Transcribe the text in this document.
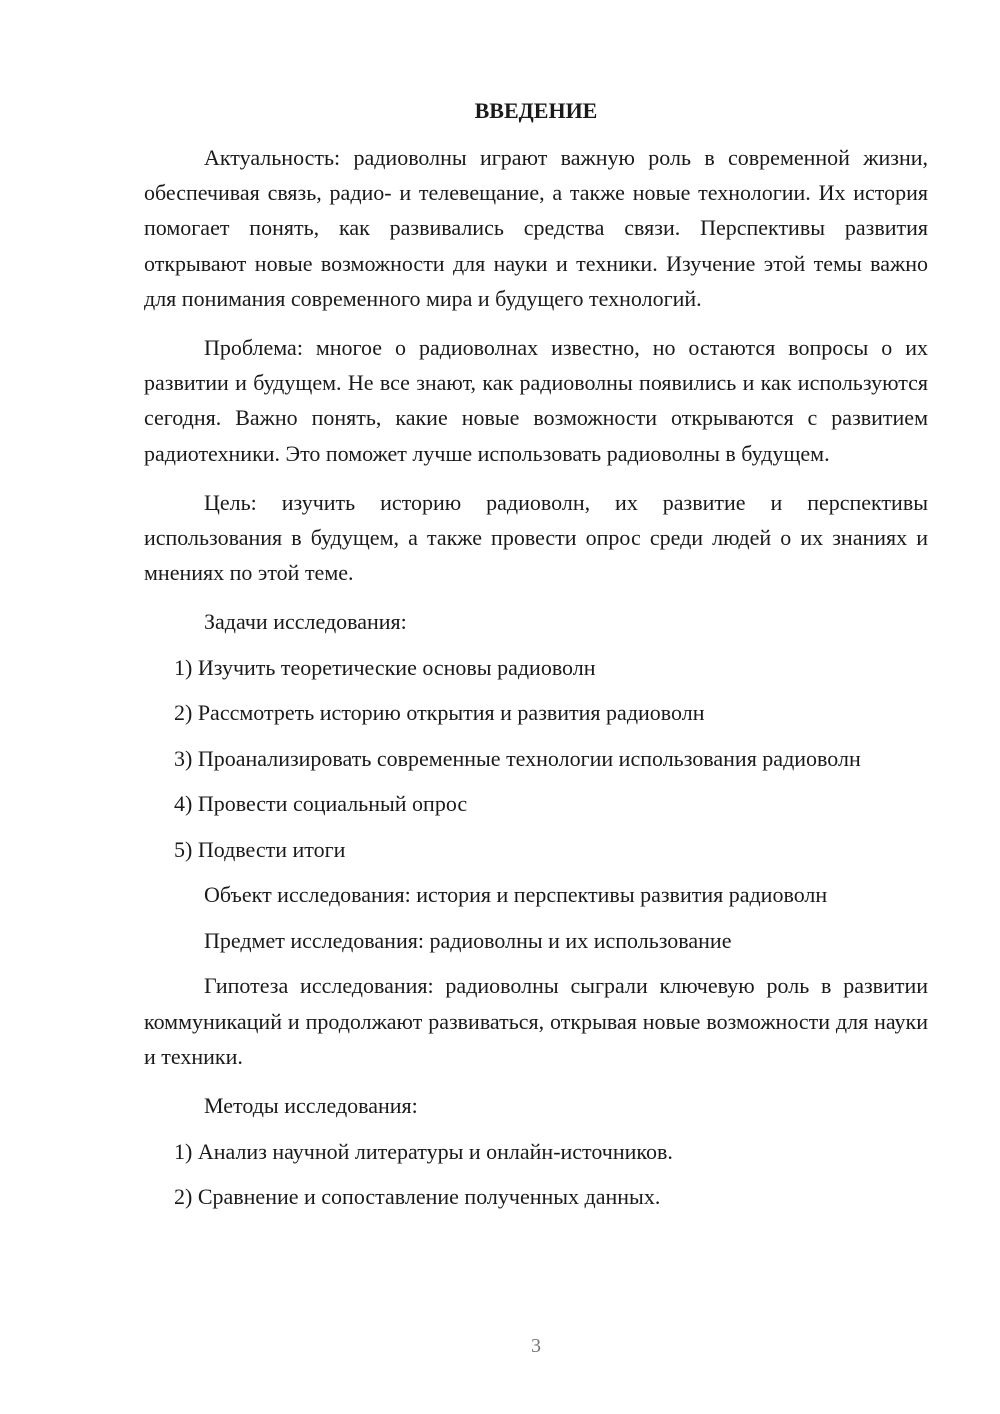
ВВЕДЕНИЕ

Актуальность: радиоволны играют важную роль в современной жизни, обеспечивая связь, радио- и телевещание, а также новые технологии. Их история помогает понять, как развивались средства связи. Перспективы развития открывают новые возможности для науки и техники. Изучение этой темы важно для понимания современного мира и будущего технологий.

Проблема: многое о радиоволнах известно, но остаются вопросы о их развитии и будущем. Не все знают, как радиоволны появились и как используются сегодня. Важно понять, какие новые возможности открываются с развитием радиотехники. Это поможет лучше использовать радиоволны в будущем.

Цель: изучить историю радиоволн, их развитие и перспективы использования в будущем, а также провести опрос среди людей о их знаниях и мнениях по этой теме.

Задачи исследования:

1) Изучить теоретические основы радиоволн

2) Рассмотреть историю открытия и развития радиоволн

3) Проанализировать современные технологии использования радиоволн

4) Провести социальный опрос

5) Подвести итоги

Объект исследования: история и перспективы развития радиоволн

Предмет исследования: радиоволны и их использование

Гипотеза исследования: радиоволны сыграли ключевую роль в развитии коммуникаций и продолжают развиваться, открывая новые возможности для науки и техники.

Методы исследования:

1) Анализ научной литературы и онлайн-источников.

2) Сравнение и сопоставление полученных данных.

3
